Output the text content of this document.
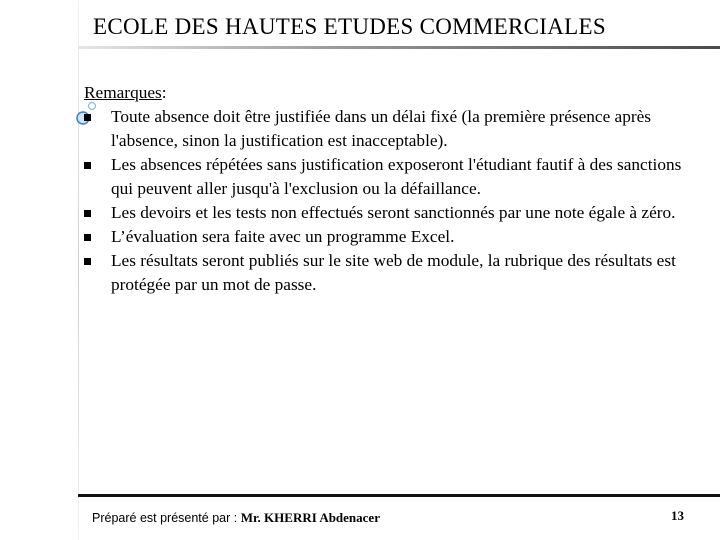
ECOLE DES HAUTES ETUDES COMMERCIALES
Remarques:
Toute absence doit être justifiée dans un délai fixé (la première présence après l'absence, sinon la justification est inacceptable).
Les absences répétées sans justification exposeront l'étudiant fautif à des sanctions qui peuvent aller jusqu'à l'exclusion ou la défaillance.
Les devoirs et les tests non effectués seront sanctionnés par une note égale à zéro.
L’évaluation sera faite avec un programme Excel.
Les résultats seront publiés sur le site web de module, la rubrique des résultats est protégée par un mot de passe.
Préparé est présenté par : Mr. KHERRI Abdenacer	13
